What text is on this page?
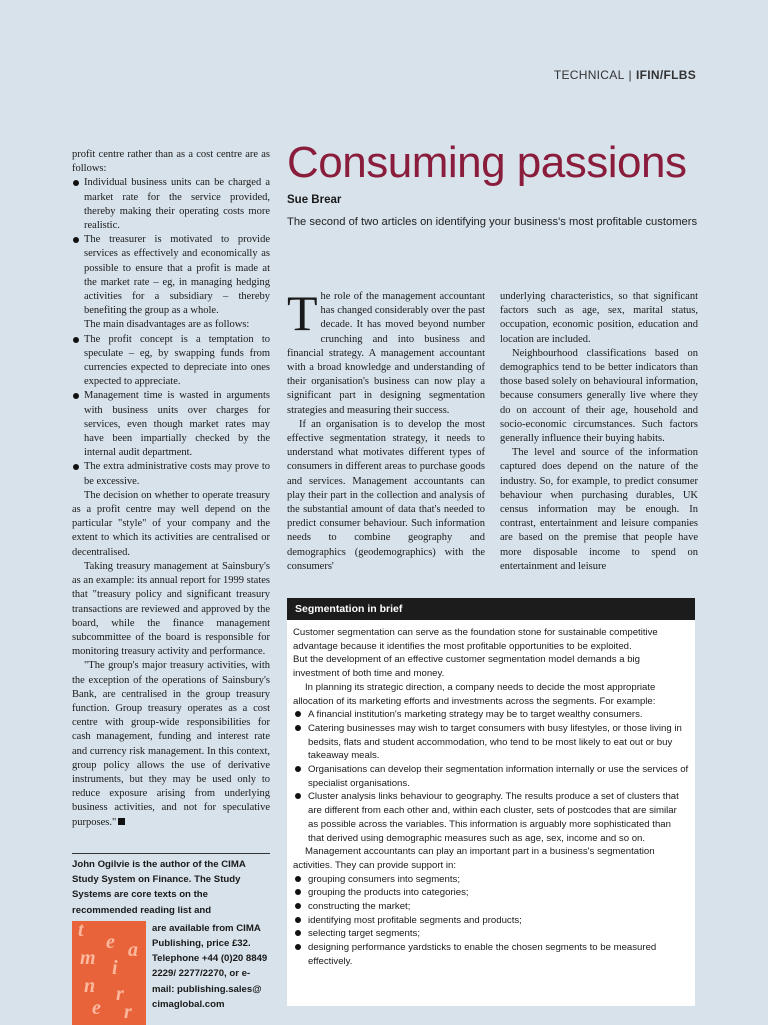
TECHNICAL | IFIN/FLBS

profit centre rather than as a cost centre are as follows:

Individual business units can be charged a market rate for the service provided, thereby making their operating costs more realistic.
The treasurer is motivated to provide services as effectively and economically as possible to ensure that a profit is made at the market rate – eg, in managing hedging activities for a subsidiary – thereby benefiting the group as a whole.

The main disadvantages are as follows:

The profit concept is a temptation to speculate – eg, by swapping funds from currencies expected to depreciate into ones expected to appreciate.
Management time is wasted in arguments with business units over charges for services, even though market rates may have been impartially checked by the internal audit department.
The extra administrative costs may prove to be excessive.

The decision on whether to operate treasury as a profit centre may well depend on the particular "style" of your company and the extent to which its activities are centralised or decentralised.

Taking treasury management at Sainsbury's as an example: its annual report for 1999 states that "treasury policy and significant treasury transactions are reviewed and approved by the board, while the finance management subcommittee of the board is responsible for monitoring treasury activity and performance.

"The group's major treasury activities, with the exception of the operations of Sainsbury's Bank, are centralised in the group treasury function. Group treasury operates as a cost centre with group-wide responsibilities for cash management, funding and interest rate and currency risk management. In this context, group policy allows the use of derivative instruments, but they may be used only to reduce exposure arising from underlying business activities, and not for speculative purposes."

John Ogilvie is the author of the CIMA Study System on Finance. The Study Systems are core texts on the recommended reading list and

t
e
m i
a
n r
e r

are available from CIMA Publishing, price £32. Telephone +44 (0)20 8849 2229/ 2277/2270, or e-mail: publishing.sales@ cimaglobal.com

Consuming passions
Sue Brear
The second of two articles on identifying your business's most profitable customers

The role of the management accountant has changed considerably over the past decade. It has moved beyond number crunching and into business and financial strategy. A management accountant with a broad knowledge and understanding of their organisation's business can now play a significant part in designing segmentation strategies and measuring their success.

If an organisation is to develop the most effective segmentation strategy, it needs to understand what motivates different types of consumers in different areas to purchase goods and services. Management accountants can play their part in the collection and analysis of the substantial amount of data that's needed to predict consumer behaviour. Such information needs to combine geography and demographics (geodemographics) with the consumers'

underlying characteristics, so that significant factors such as age, sex, marital status, occupation, economic position, education and location are included.

Neighbourhood classifications based on demographics tend to be better indicators than those based solely on behavioural information, because consumers generally live where they do on account of their age, household and socio-economic circumstances. Such factors generally influence their buying habits.

The level and source of the information captured does depend on the nature of the industry. So, for example, to predict consumer behaviour when purchasing durables, UK census information may be enough. In contrast, entertainment and leisure companies are based on the premise that people have more disposable income to spend on entertainment and leisure

Segmentation in brief

Customer segmentation can serve as the foundation stone for sustainable competitive advantage because it identifies the most profitable opportunities to be exploited.

But the development of an effective customer segmentation model demands a big investment of both time and money.

In planning its strategic direction, a company needs to decide the most appropriate allocation of its marketing efforts and investments across the segments. For example:

A financial institution's marketing strategy may be to target wealthy consumers.
Catering businesses may wish to target consumers with busy lifestyles, or those living in bedsits, flats and student accommodation, who tend to be most likely to eat out or buy takeaway meals.
Organisations can develop their segmentation information internally or use the services of specialist organisations.
Cluster analysis links behaviour to geography. The results produce a set of clusters that are different from each other and, within each cluster, sets of postcodes that are similar as possible across the variables. This information is arguably more sophisticated than that derived using demographic measures such as age, sex, income and so on.

Management accountants can play an important part in a business's segmentation activities. They can provide support in:

grouping consumers into segments;
grouping the products into categories;
constructing the market;
identifying most profitable segments and products;
selecting target segments;
designing performance yardsticks to enable the chosen segments to be measured effectively.
